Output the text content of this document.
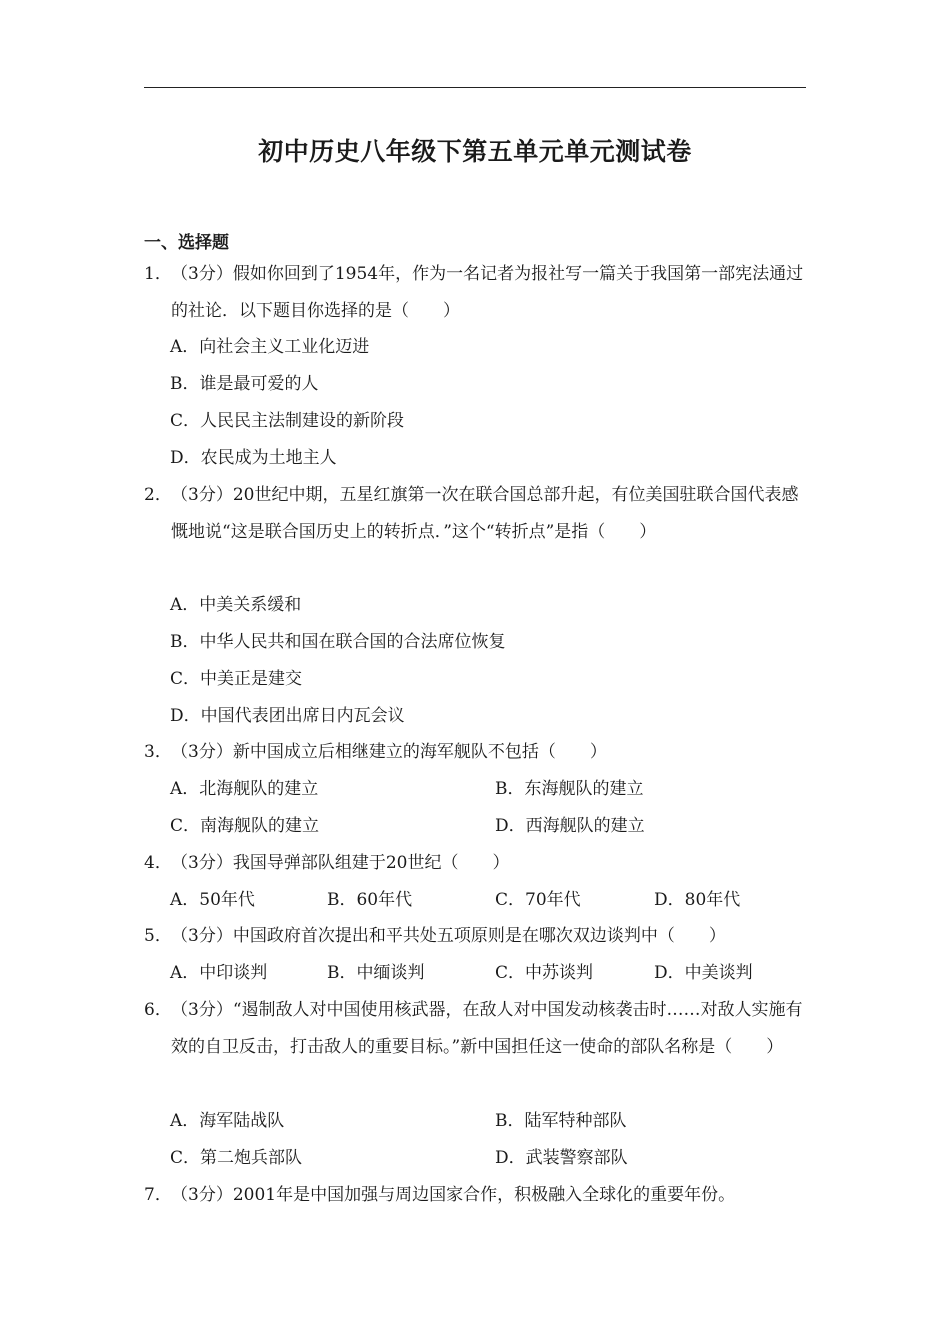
初中历史八年级下第五单元单元测试卷
一、选择题
1． （3分）假如你回到了1954年，作为一名记者为报社写一篇关于我国第一部宪法通过的社论．以下题目你选择的是（　　）
A．向社会主义工业化迈进
B．谁是最可爱的人
C．人民民主法制建设的新阶段
D．农民成为土地主人
2． （3分）20世纪中期，五星红旗第一次在联合国总部升起，有位美国驻联合国代表感慨地说“这是联合国历史上的转折点．”这个“转折点”是指（　　）
A．中美关系缓和
B．中华人民共和国在联合国的合法席位恢复
C．中美正是建交
D．中国代表团出席日内瓦会议
3． （3分）新中国成立后相继建立的海军舰队不包括（　　）
A．北海舰队的建立	B．东海舰队的建立
C．南海舰队的建立	D．西海舰队的建立
4． （3分）我国导弹部队组建于20世纪（　　）
A．50年代	B．60年代	C．70年代	D．80年代
5． （3分）中国政府首次提出和平共处五项原则是在哪次双边谈判中（　　）
A．中印谈判	B．中缅谈判	C．中苏谈判	D．中美谈判
6． （3分）“遏制敌人对中国使用核武器，在敌人对中国发动核袭击时……对敌人实施有效的自卫反击，打击敌人的重要目标。”新中国担任这一使命的部队名称是（　　）
A．海军陆战队	B．陆军特种部队
C．第二炮兵部队	D．武装警察部队
7． （3分）2001年是中国加强与周边国家合作，积极融入全球化的重要年份。
